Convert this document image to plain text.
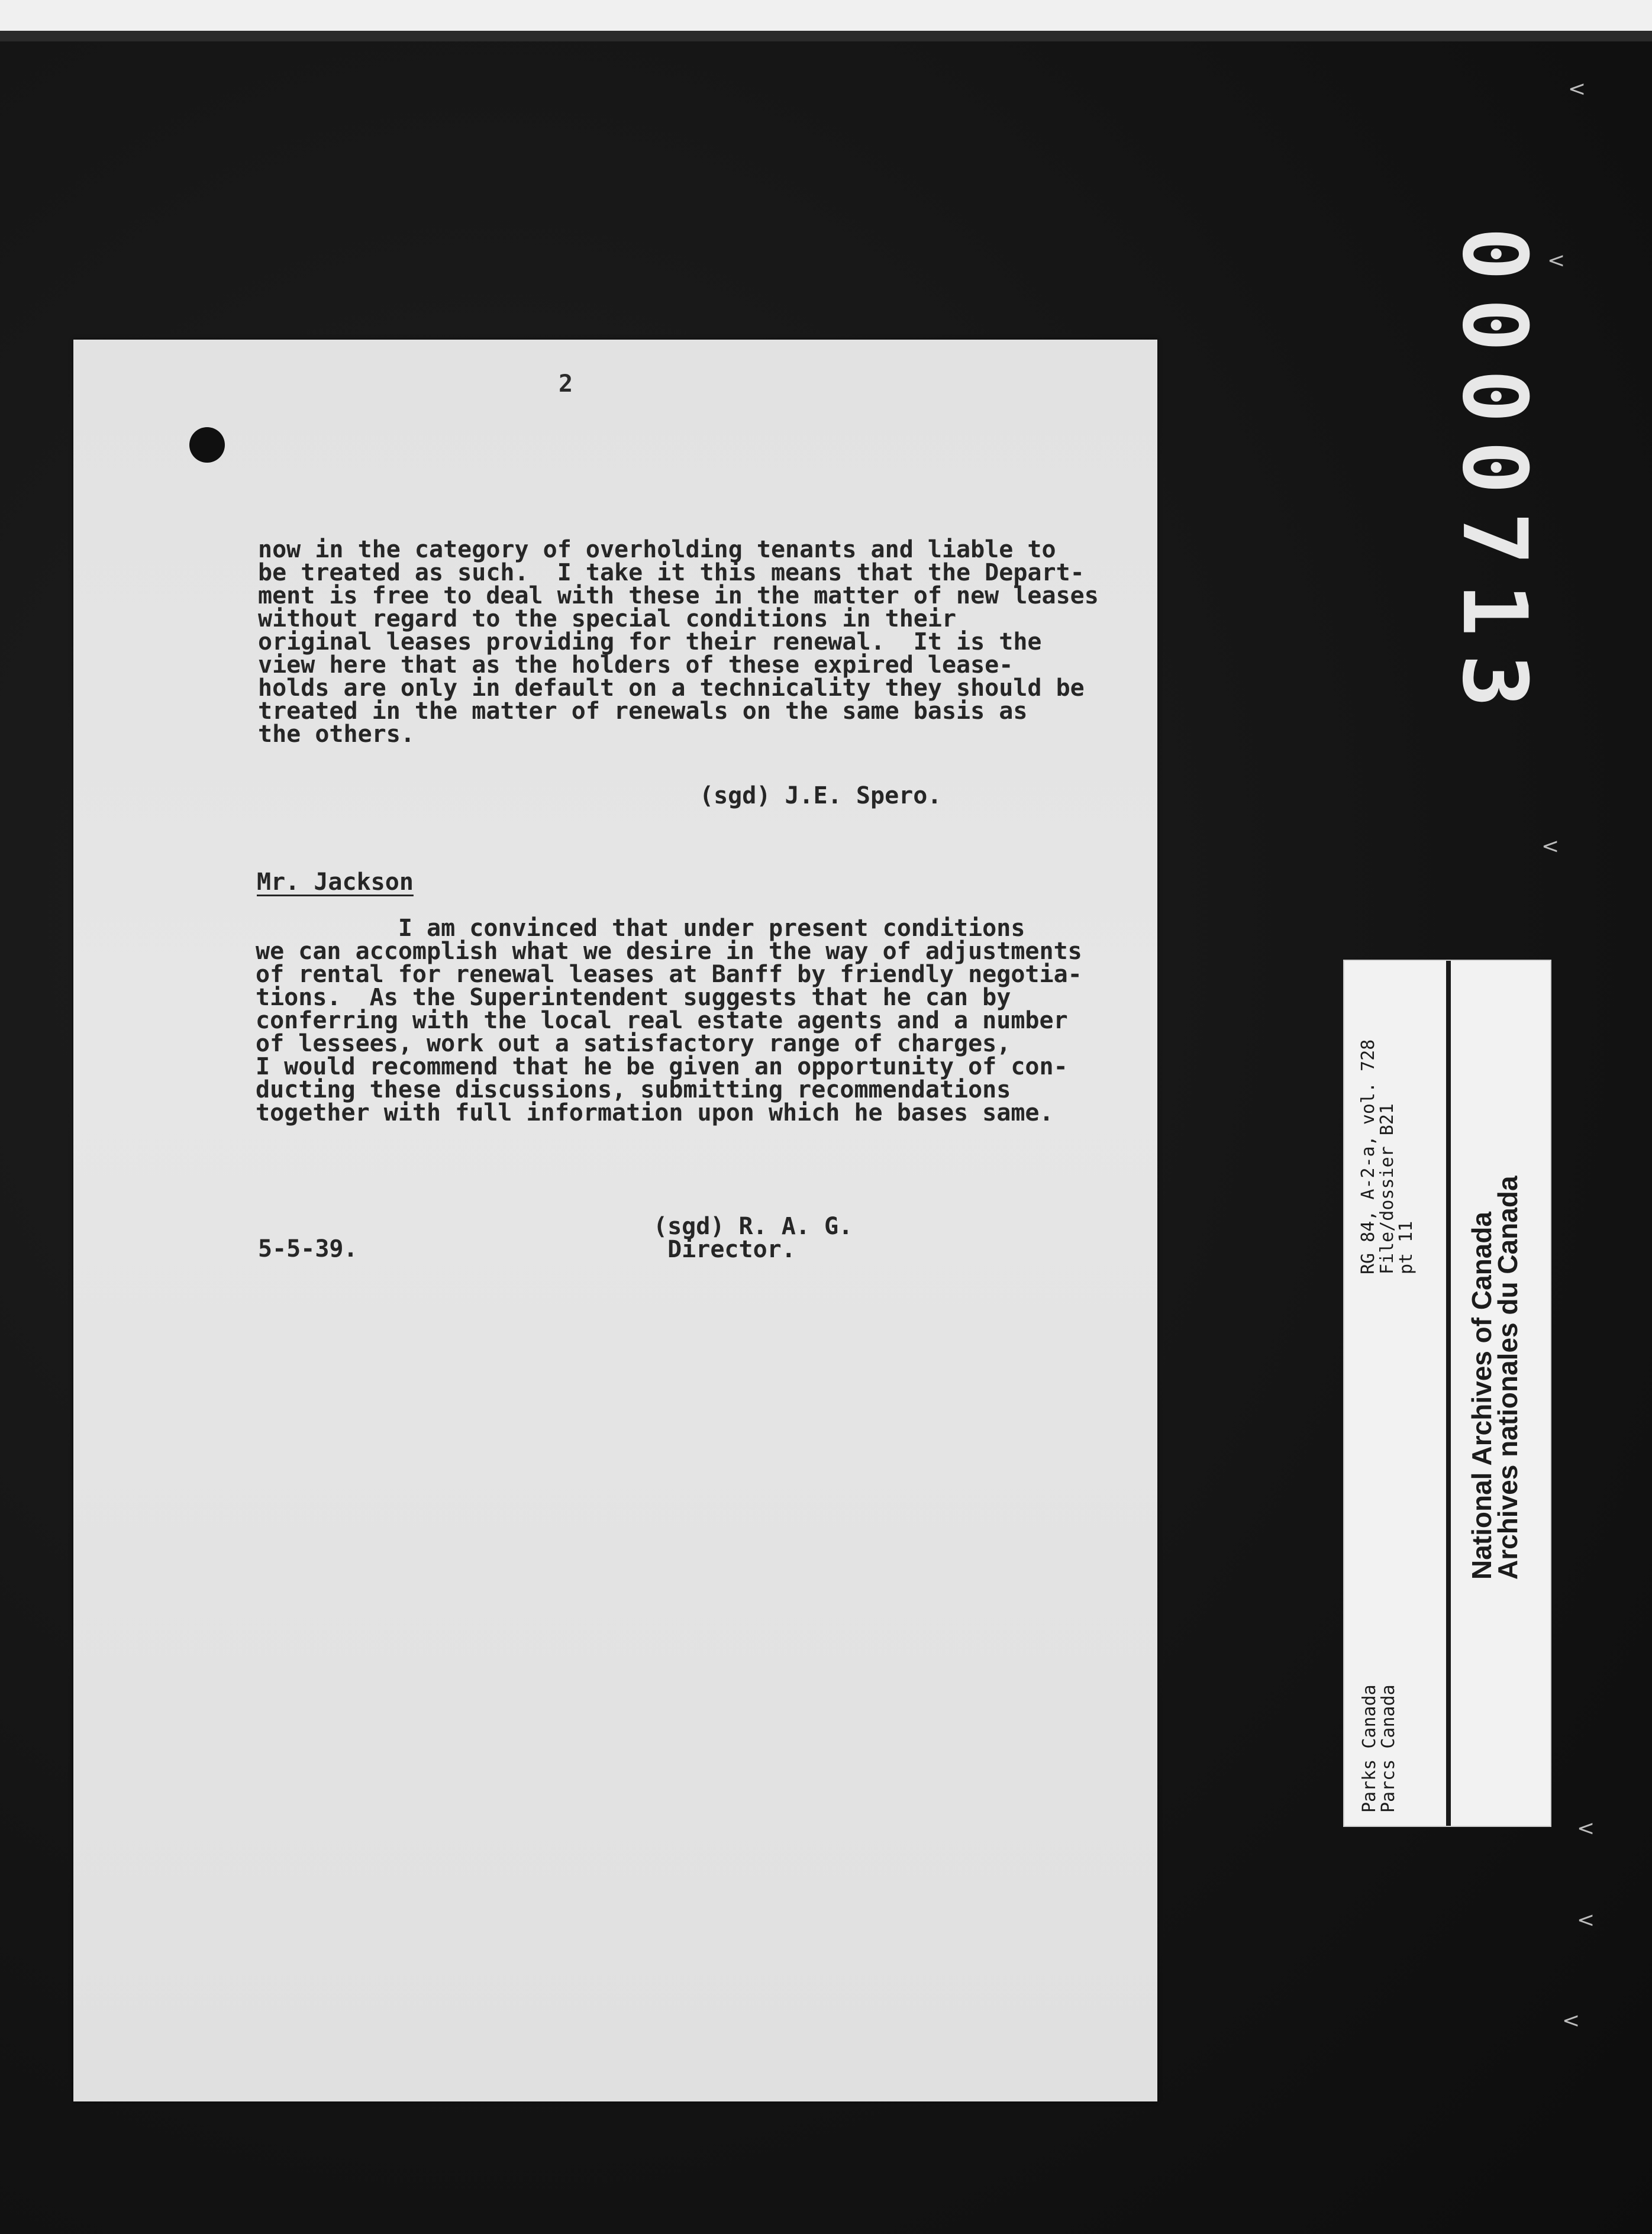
2
now in the category of overholding tenants and liable to
be treated as such.  I take it this means that the Depart-
ment is free to deal with these in the matter of new leases
without regard to the special conditions in their
original leases providing for their renewal.  It is the
view here that as the holders of these expired lease-
holds are only in default on a technicality they should be
treated in the matter of renewals on the same basis as
the others.
(sgd) J.E. Spero.
Mr. Jackson
I am convinced that under present conditions
we can accomplish what we desire in the way of adjustments
of rental for renewal leases at Banff by friendly negotia-
tions.  As the Superintendent suggests that he can by
conferring with the local real estate agents and a number
of lessees, work out a satisfactory range of charges,
I would recommend that he be given an opportunity of con-
ducting these discussions, submitting recommendations
together with full information upon which he bases same.
(sgd) R. A. G.
Director.
5-5-39.
0000713
<
<
<
<
<
<
RG 84, A-2-a, vol. 728
File/dossier B21
pt 11
Parks Canada
Parcs Canada
National Archives of Canada
Archives nationales du Canada
